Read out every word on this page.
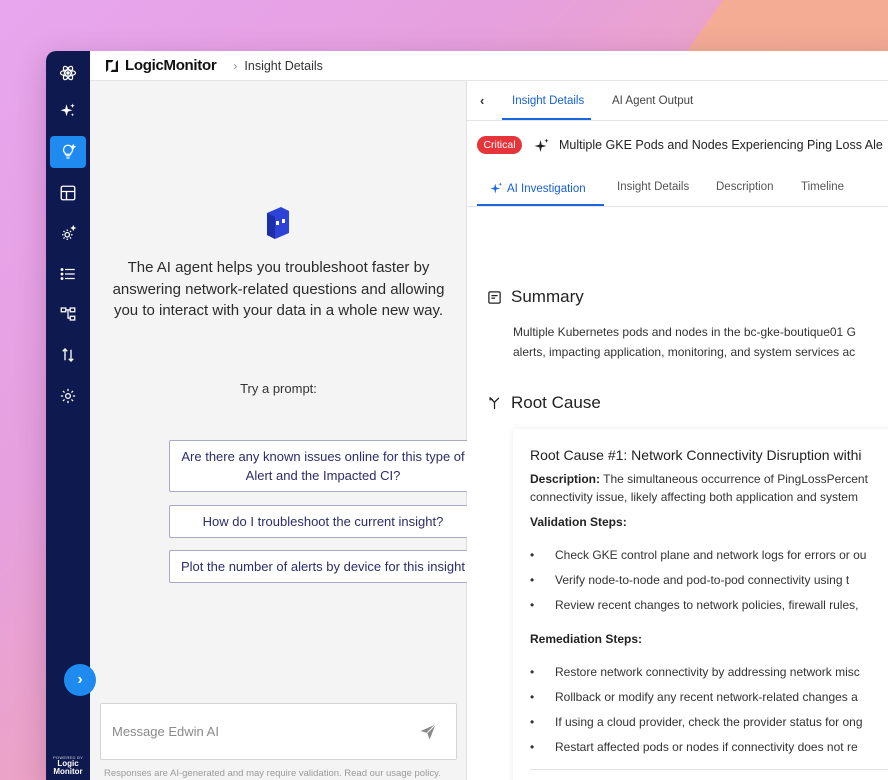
POWERED BY
Logic
Monitor
›
LogicMonitor › Insight Details
The AI agent helps you troubleshoot faster by answering network-related questions and allowing you to interact with your data in a whole new way.
Try a prompt:
Are there any known issues online for this type of Alert and the Impacted CI?
How do I troubleshoot the current insight?
Plot the number of alerts by device for this insight
Message Edwin AI
Responses are AI-generated and may require validation. Read our usage policy.
‹ Insight Details AI Agent Output
Critical	Multiple GKE Pods and Nodes Experiencing Ping Loss Ale
AI Investigation	Insight Details Description Timeline
Summary
Multiple Kubernetes pods and nodes in the bc-gke-boutique01 G
alerts, impacting application, monitoring, and system services ac
Root Cause
Root Cause #1: Network Connectivity Disruption withi
Description: The simultaneous occurrence of PingLossPercent
connectivity issue, likely affecting both application and system
Validation Steps:
• Check GKE control plane and network logs for errors or ou
• Verify node-to-node and pod-to-pod connectivity using t
• Review recent changes to network policies, firewall rules,
Remediation Steps:
• Restore network connectivity by addressing network misc
• Rollback or modify any recent network-related changes a
• If using a cloud provider, check the provider status for ong
• Restart affected pods or nodes if connectivity does not re
